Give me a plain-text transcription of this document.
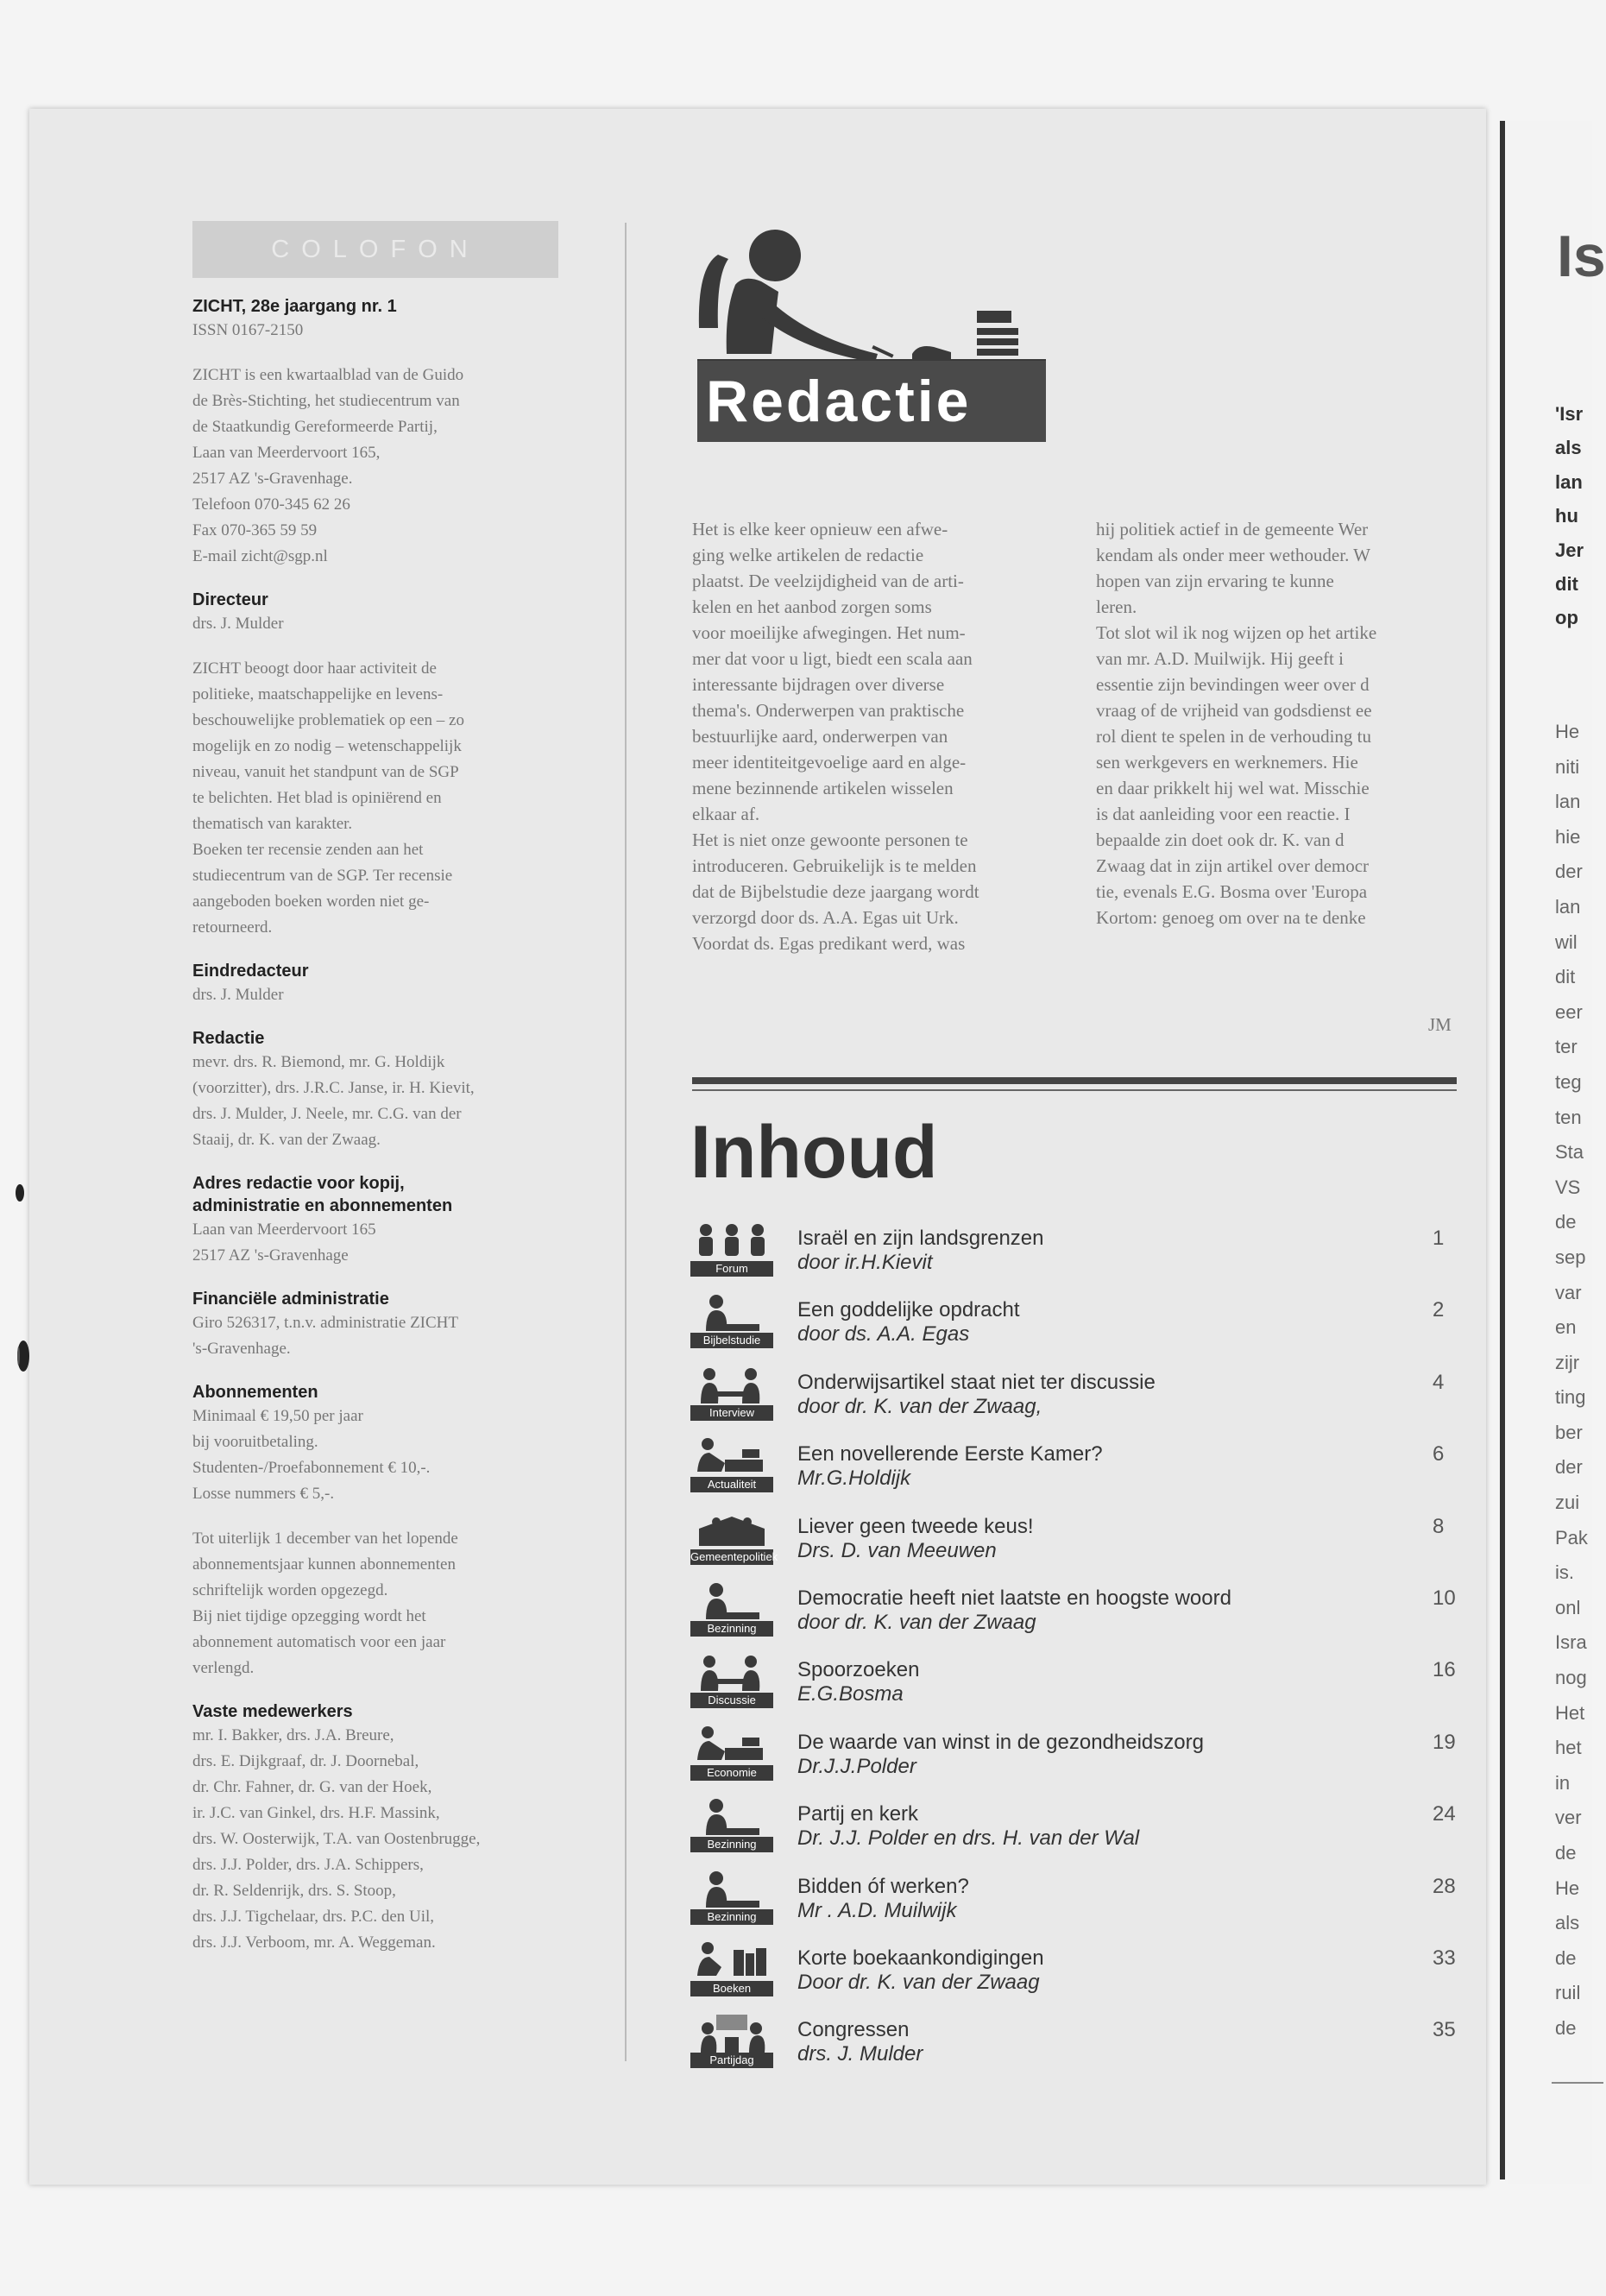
COLOFON

ZICHT, 28e jaargang nr. 1

ISSN 0167-2150

ZICHT is een kwartaalblad van de Guido
de Brès-Stichting, het studiecentrum van
de Staatkundig Gereformeerde Partij,
Laan van Meerdervoort 165,
2517 AZ 's-Gravenhage.
Telefoon 070-345 62 26
Fax 070-365 59 59
E-mail zicht@sgp.nl

Directeur

drs. J. Mulder

ZICHT beoogt door haar activiteit de
politieke, maatschappelijke en levens-
beschouwelijke problematiek op een – zo
mogelijk en zo nodig – wetenschappelijk
niveau, vanuit het standpunt van de SGP
te belichten. Het blad is opiniërend en
thematisch van karakter.
Boeken ter recensie zenden aan het
studiecentrum van de SGP. Ter recensie
aangeboden boeken worden niet ge-
retourneerd.

Eindredacteur

drs. J. Mulder

Redactie

mevr. drs. R. Biemond, mr. G. Holdijk
(voorzitter), drs. J.R.C. Janse, ir. H. Kievit,
drs. J. Mulder, J. Neele, mr. C.G. van der
Staaij, dr. K. van der Zwaag.

Adres redactie voor kopij,
administratie en abonnementen

Laan van Meerdervoort 165
2517 AZ 's-Gravenhage

Financiële administratie

Giro 526317, t.n.v. administratie ZICHT
's-Gravenhage.

Abonnementen

Minimaal € 19,50 per jaar
bij vooruitbetaling.
Studenten-/Proefabonnement € 10,-.
Losse nummers € 5,-.

Tot uiterlijk 1 december van het lopende
abonnementsjaar kunnen abonnementen
schriftelijk worden opgezegd.
Bij niet tijdige opzegging wordt het
abonnement automatisch voor een jaar
verlengd.

Vaste medewerkers

mr. I. Bakker, drs. J.A. Breure,
drs. E. Dijkgraaf, dr. J. Doornebal,
dr. Chr. Fahner, dr. G. van der Hoek,
ir. J.C. van Ginkel, drs. H.F. Massink,
drs. W. Oosterwijk, T.A. van Oostenbrugge,
drs. J.J. Polder, drs. J.A. Schippers,
dr. R. Seldenrijk, drs. S. Stoop,
drs. J.J. Tigchelaar, drs. P.C. den Uil,
drs. J.J. Verboom, mr. A. Weggeman.

Redactie

Het is elke keer opnieuw een afwe-
ging welke artikelen de redactie
plaatst. De veelzijdigheid van de arti-
kelen en het aanbod zorgen soms
voor moeilijke afwegingen. Het num-
mer dat voor u ligt, biedt een scala aan
interessante bijdragen over diverse
thema's. Onderwerpen van praktische
bestuurlijke aard, onderwerpen van
meer identiteitgevoelige aard en alge-
mene bezinnende artikelen wisselen
elkaar af.

Het is niet onze gewoonte personen te
introduceren. Gebruikelijk is te melden
dat de Bijbelstudie deze jaargang wordt
verzorgd door ds. A.A. Egas uit Urk.
Voordat ds. Egas predikant werd, was

hij politiek actief in de gemeente Wer
kendam als onder meer wethouder. W
hopen van zijn ervaring te kunne
leren.

Tot slot wil ik nog wijzen op het artike
van mr. A.D. Muilwijk. Hij geeft i
essentie zijn bevindingen weer over d
vraag of de vrijheid van godsdienst ee
rol dient te spelen in de verhouding tu
sen werkgevers en werknemers. Hie
en daar prikkelt hij wel wat. Misschie
is dat aanleiding voor een reactie. I
bepaalde zin doet ook dr. K. van d
Zwaag dat in zijn artikel over democr
tie, evenals E.G. Bosma over 'Europa
Kortom: genoeg om over na te denke

JM
Inhoud
Forum
Israël en zijn landsgrenzen
door ir.H.Kievit
1
Bijbelstudie
Een goddelijke opdracht
door ds. A.A. Egas
2
Interview
Onderwijsartikel staat niet ter discussie
door dr. K. van der Zwaag,
4
Actualiteit
Een novellerende Eerste Kamer?
Mr.G.Holdijk
6
Gemeentepolitiek
Liever geen tweede keus!
Drs. D. van Meeuwen
8
Bezinning
Democratie heeft niet laatste en hoogste woord
door dr. K. van der Zwaag
10
Discussie
Spoorzoeken
E.G.Bosma
16
Economie
De waarde van winst in de gezondheidszorg
Dr.J.J.Polder
19
Bezinning
Partij en kerk
Dr. J.J. Polder en drs. H. van der Wal
24
Bezinning
Bidden óf werken?
Mr . A.D. Muilwijk
28
Boeken
Korte boekaankondigingen
Door dr. K. van der Zwaag
33
Partijdag
Congressen
drs. J. Mulder
35
Is
'Isr
als
lan
hu
Jer
dit
op
He
niti
lan
hie
der
lan
wil
dit
eer
ter
teg
ten
Sta
VS
de
sep
var
en
zijr
ting
ber
der
zui
Pak
is.
onl
Isra
nog
Het
het
in
ver
de
He
als
de
ruil
de
